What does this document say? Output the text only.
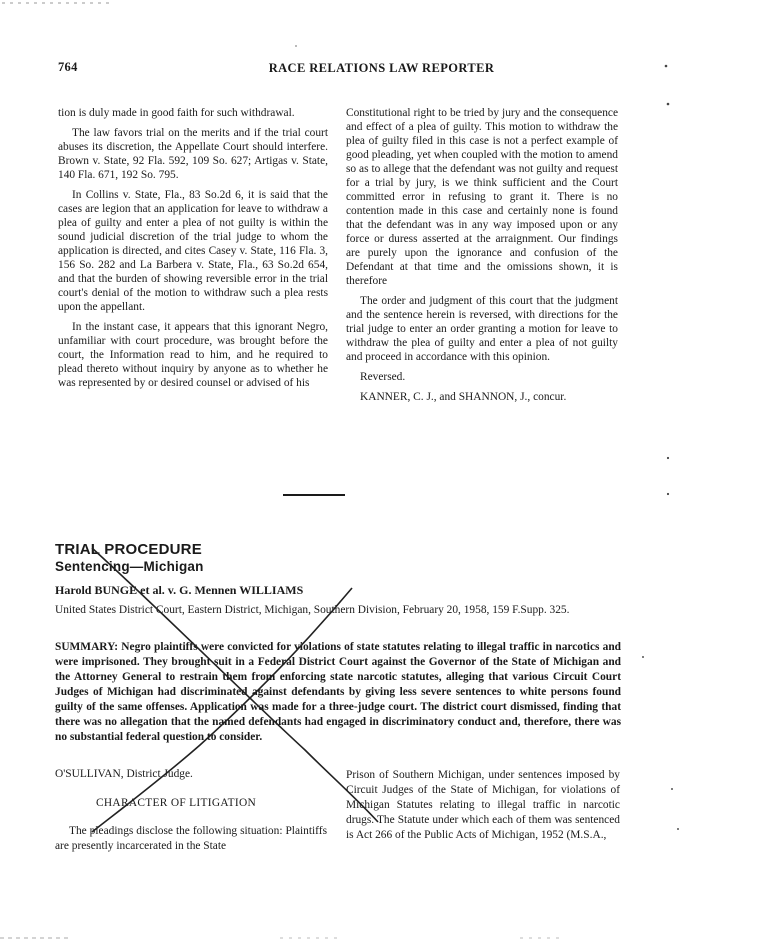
764	RACE RELATIONS LAW REPORTER

tion is duly made in good faith for such withdrawal.

The law favors trial on the merits and if the trial court abuses its discretion, the Appellate Court should interfere. Brown v. State, 92 Fla. 592, 109 So. 627; Artigas v. State, 140 Fla. 671, 192 So. 795.

In Collins v. State, Fla., 83 So.2d 6, it is said that the cases are legion that an application for leave to withdraw a plea of guilty and enter a plea of not guilty is within the sound judicial discretion of the trial judge to whom the application is directed, and cites Casey v. State, 116 Fla. 3, 156 So. 282 and La Barbera v. State, Fla., 63 So.2d 654, and that the burden of showing reversible error in the trial court's denial of the motion to withdraw such a plea rests upon the appellant.

In the instant case, it appears that this ignorant Negro, unfamiliar with court procedure, was brought before the court, the Information read to him, and he required to plead thereto without inquiry by anyone as to whether he was represented by or desired counsel or advised of his

Constitutional right to be tried by jury and the consequence and effect of a plea of guilty. This motion to withdraw the plea of guilty filed in this case is not a perfect example of good pleading, yet when coupled with the motion to amend so as to allege that the defendant was not guilty and request for a trial by jury, is we think sufficient and the Court committed error in refusing to grant it. There is no contention made in this case and certainly none is found that the defendant was in any way imposed upon or any force or duress asserted at the arraignment. Our findings are purely upon the ignorance and confusion of the Defendant at that time and the omissions shown, it is therefore

The order and judgment of this court that the judgment and the sentence herein is reversed, with directions for the trial judge to enter an order granting a motion for leave to withdraw the plea of guilty and enter a plea of not guilty and proceed in accordance with this opinion.

Reversed.

KANNER, C. J., and SHANNON, J., concur.

TRIAL PROCEDURE
Sentencing—Michigan
Harold BUNGE et al. v. G. Mennen WILLIAMS
United States District Court, Eastern District, Michigan, Southern Division, February 20, 1958, 159 F.Supp. 325.
SUMMARY: Negro plaintiffs were convicted for violations of state statutes relating to illegal traffic in narcotics and were imprisoned. They brought suit in a Federal District Court against the Governor of the State of Michigan and the Attorney General to restrain them from enforcing state narcotic statutes, alleging that various Circuit Court Judges of Michigan had discriminated against defendants by giving less severe sentences to white persons found guilty of the same offenses. Application was made for a three-judge court. The district court dismissed, finding that there was no allegation that the named defendants had engaged in discriminatory conduct and, therefore, there was no substantial federal question to consider.
O'SULLIVAN, District Judge.
CHARACTER OF LITIGATION
The pleadings disclose the following situation: Plaintiffs are presently incarcerated in the State
Prison of Southern Michigan, under sentences imposed by Circuit Judges of the State of Michigan, for violations of Michigan Statutes relating to illegal traffic in narcotic drugs. The Statute under which each of them was sentenced is Act 266 of the Public Acts of Michigan, 1952 (M.S.A.,
